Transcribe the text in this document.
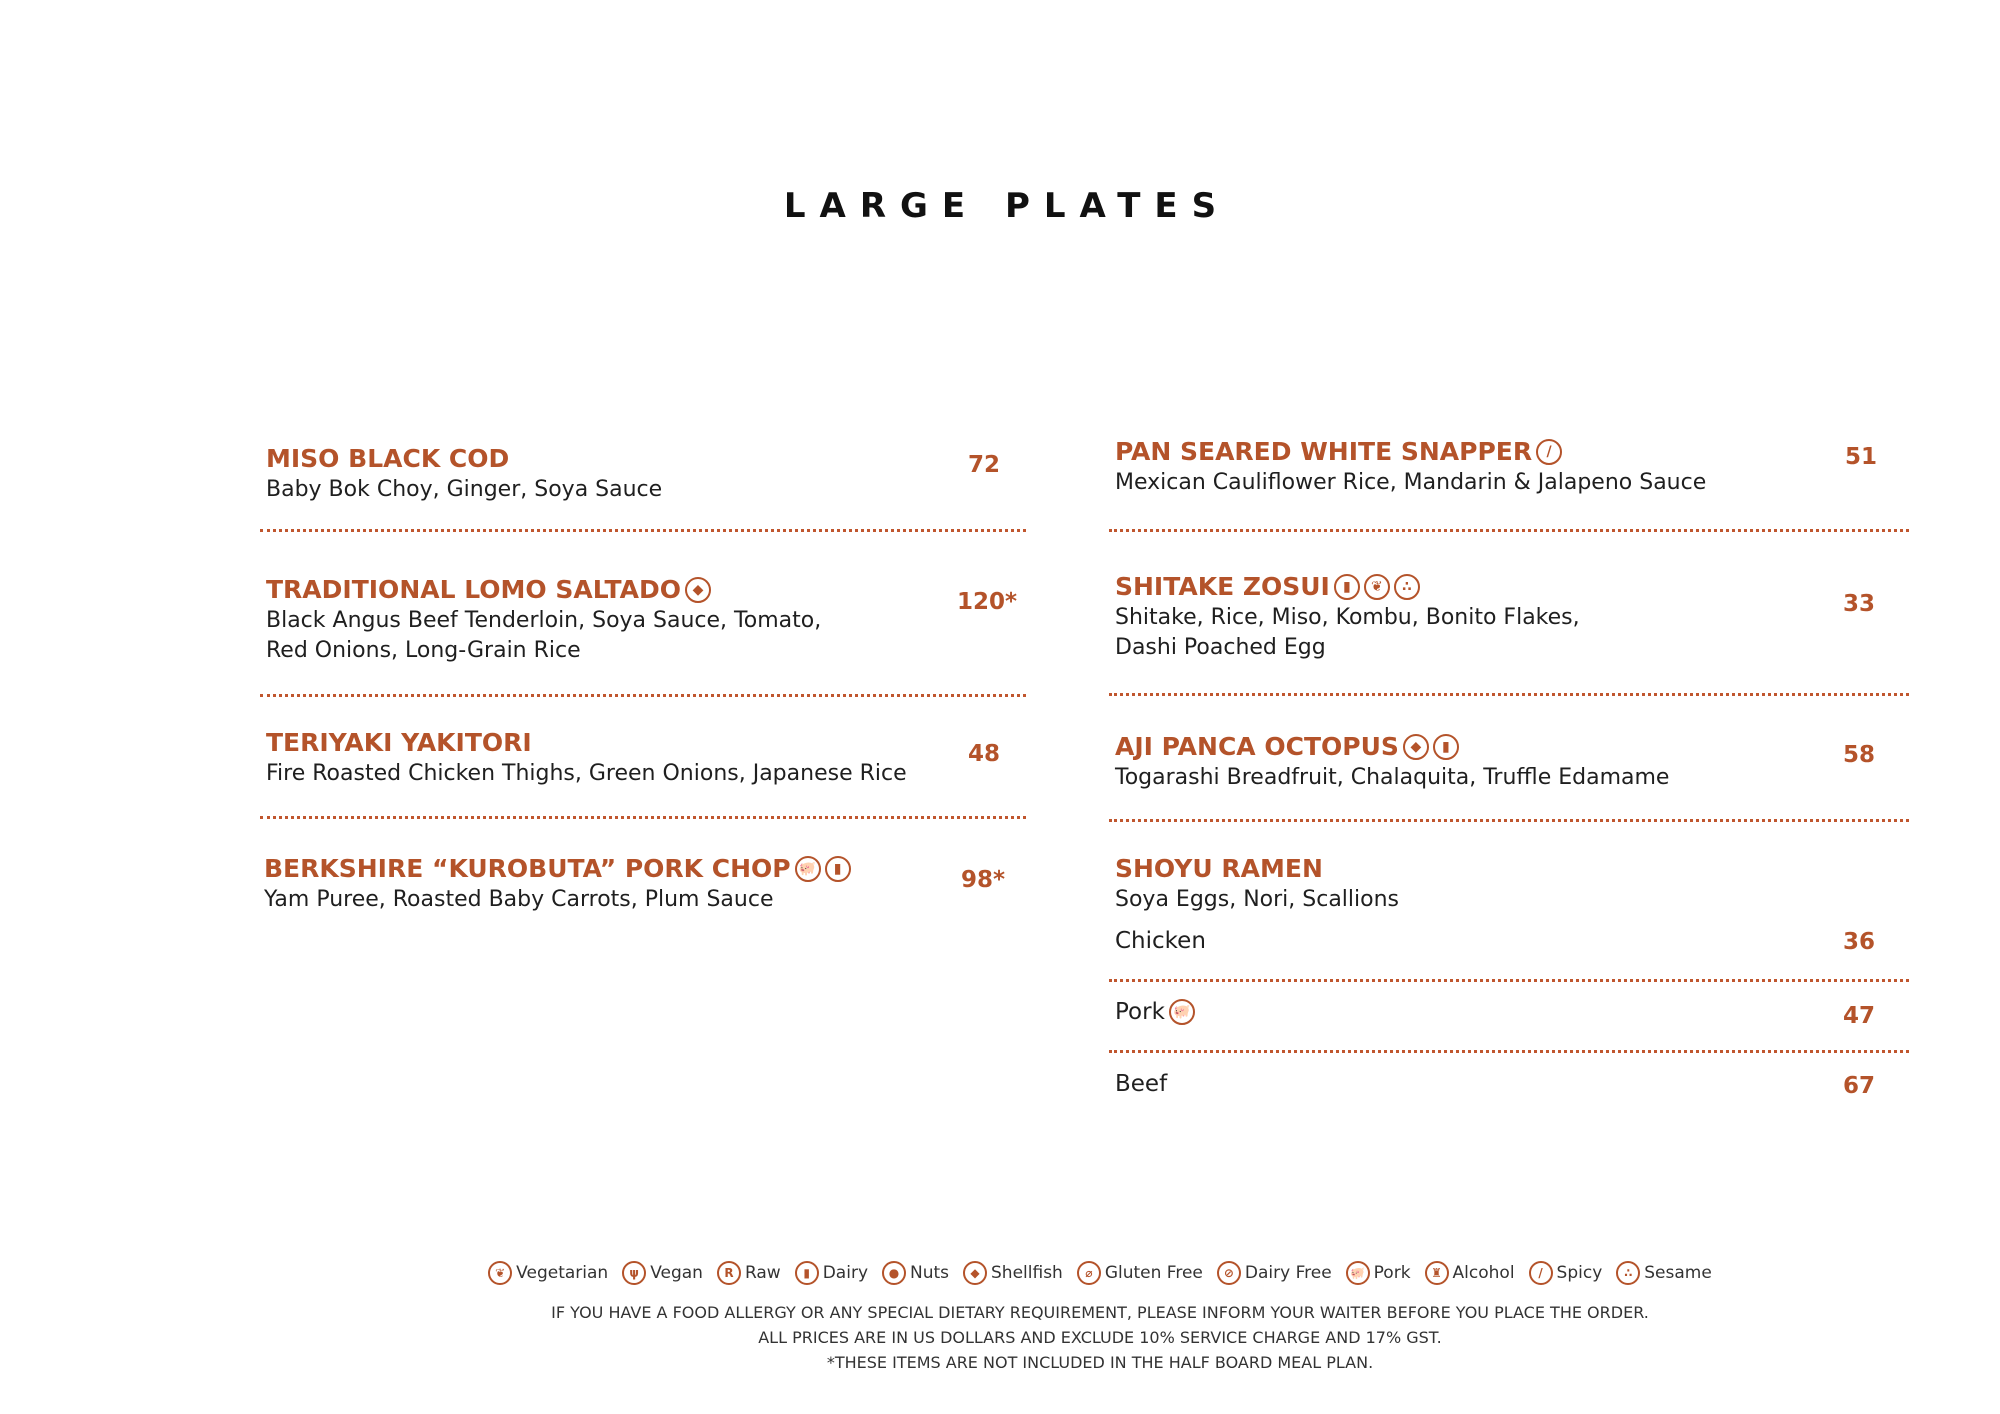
LARGE PLATES
MISO BLACK COD
Baby Bok Choy, Ginger, Soya Sauce
72
TRADITIONAL LOMO SALTADO ◆
Black Angus Beef Tenderloin, Soya Sauce, Tomato,
Red Onions, Long-Grain Rice
120*
TERIYAKI YAKITORI
Fire Roasted Chicken Thighs, Green Onions, Japanese Rice
48
BERKSHIRE “KUROBUTA” PORK CHOP 🐖	▮
Yam Puree, Roasted Baby Carrots, Plum Sauce
98*
PAN SEARED WHITE SNAPPER	/
Mexican Cauliflower Rice, Mandarin & Jalapeno Sauce
51
SHITAKE ZOSUI ▮	❦	∴
Shitake, Rice, Miso, Kombu, Bonito Flakes,
Dashi Poached Egg
33
AJI PANCA OCTOPUS ◆	▮
Togarashi Breadfruit, Chalaquita, Truffle Edamame
58
SHOYU RAMEN
Soya Eggs, Nori, Scallions
Chicken	36
Pork 🐖	47
Beef	67
❦ Vegetarian	ψ Vegan	R Raw	▮ Dairy	● Nuts	◆ Shellfish	⌀ Gluten Free	⊘ Dairy Free	🐖 Pork	♜ Alcohol	/ Spicy	∴ Sesame
IF YOU HAVE A FOOD ALLERGY OR ANY SPECIAL DIETARY REQUIREMENT, PLEASE INFORM YOUR WAITER BEFORE YOU PLACE THE ORDER.
ALL PRICES ARE IN US DOLLARS AND EXCLUDE 10% SERVICE CHARGE AND 17% GST.
*THESE ITEMS ARE NOT INCLUDED IN THE HALF BOARD MEAL PLAN.
